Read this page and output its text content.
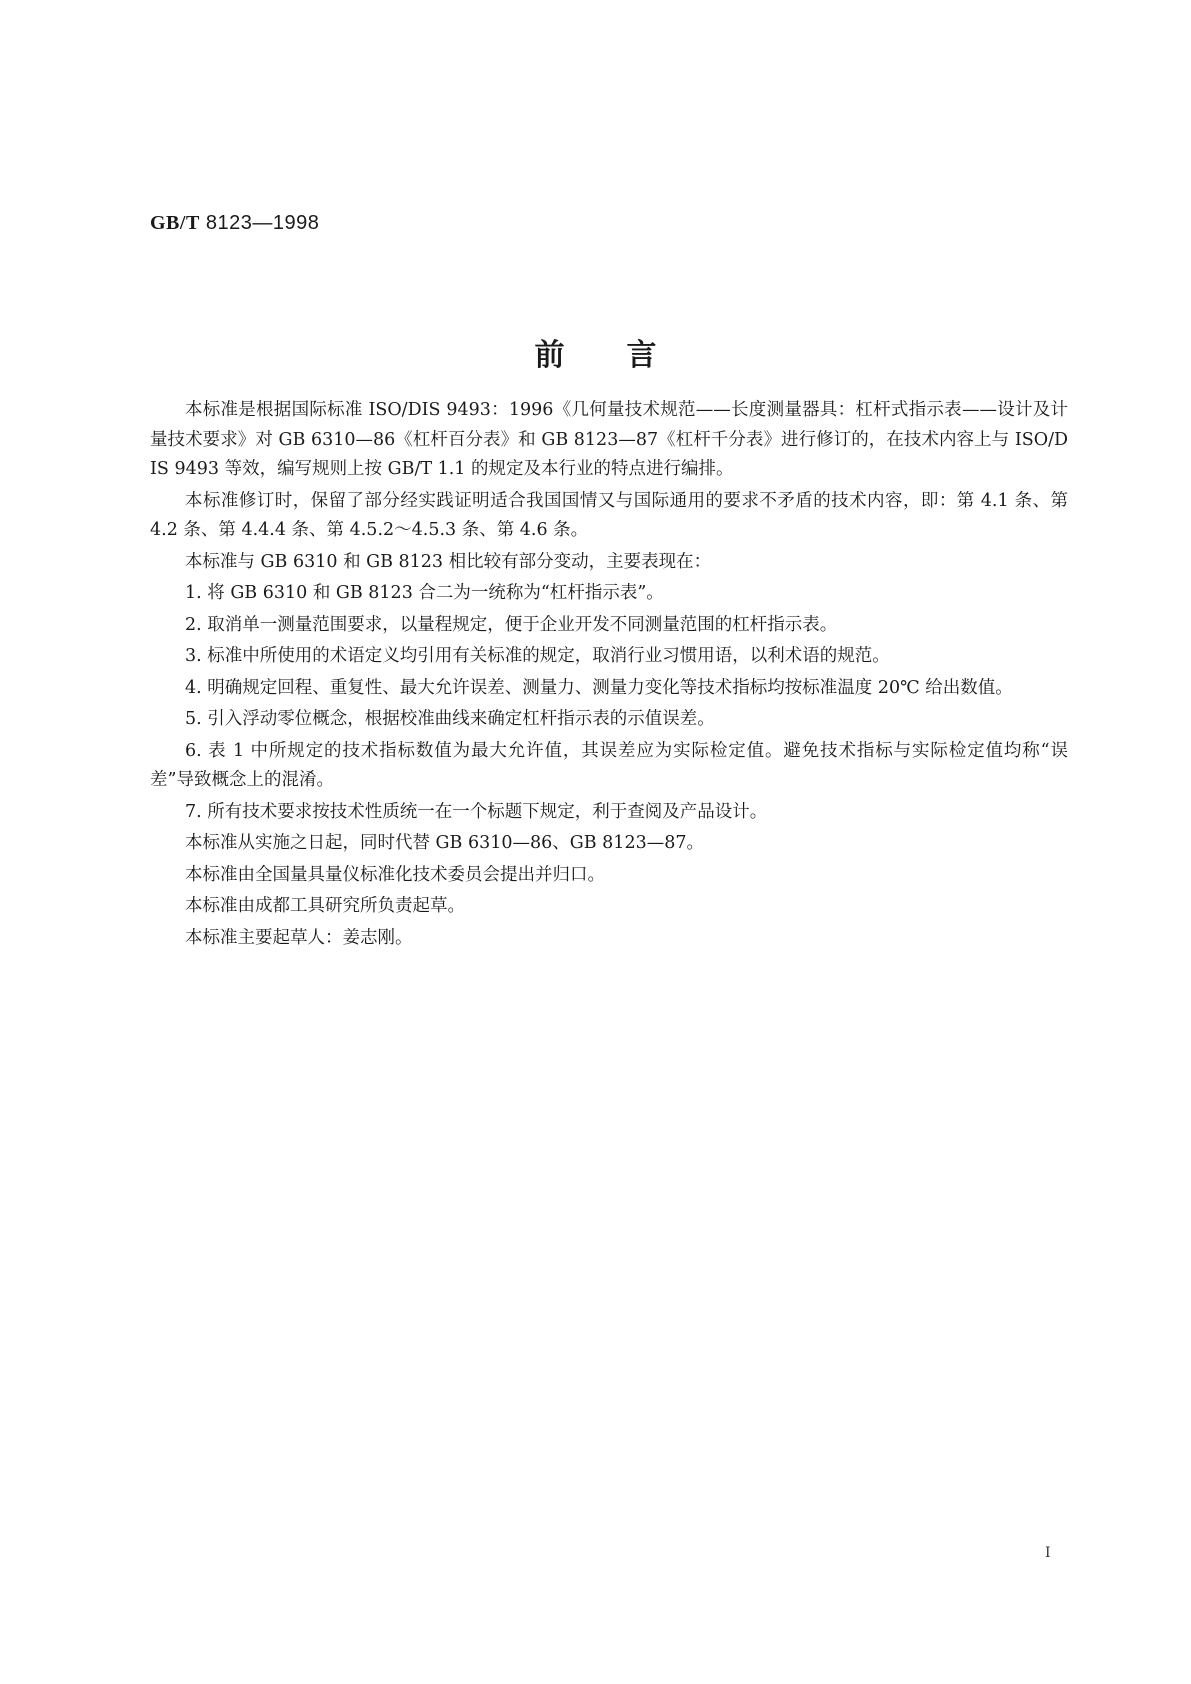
GB/T 8123—1998
前言

本标准是根据国际标准 ISO/DIS 9493：1996《几何量技术规范——长度测量器具：杠杆式指示表——设计及计量技术要求》对 GB 6310—86《杠杆百分表》和 GB 8123—87《杠杆千分表》进行修订的，在技术内容上与 ISO/DIS 9493 等效，编写规则上按 GB/T 1.1 的规定及本行业的特点进行编排。

本标准修订时，保留了部分经实践证明适合我国国情又与国际通用的要求不矛盾的技术内容，即：第 4.1 条、第 4.2 条、第 4.4.4 条、第 4.5.2～4.5.3 条、第 4.6 条。

本标准与 GB 6310 和 GB 8123 相比较有部分变动，主要表现在：

1. 将 GB 6310 和 GB 8123 合二为一统称为“杠杆指示表”。

2. 取消单一测量范围要求，以量程规定，便于企业开发不同测量范围的杠杆指示表。

3. 标准中所使用的术语定义均引用有关标准的规定，取消行业习惯用语，以利术语的规范。

4. 明确规定回程、重复性、最大允许误差、测量力、测量力变化等技术指标均按标准温度 20℃ 给出数值。

5. 引入浮动零位概念，根据校准曲线来确定杠杆指示表的示值误差。

6. 表 1 中所规定的技术指标数值为最大允许值，其误差应为实际检定值。避免技术指标与实际检定值均称“误差”导致概念上的混淆。

7. 所有技术要求按技术性质统一在一个标题下规定，利于查阅及产品设计。

本标准从实施之日起，同时代替 GB 6310—86、GB 8123—87。

本标准由全国量具量仪标准化技术委员会提出并归口。

本标准由成都工具研究所负责起草。

本标准主要起草人：姜志刚。

I
